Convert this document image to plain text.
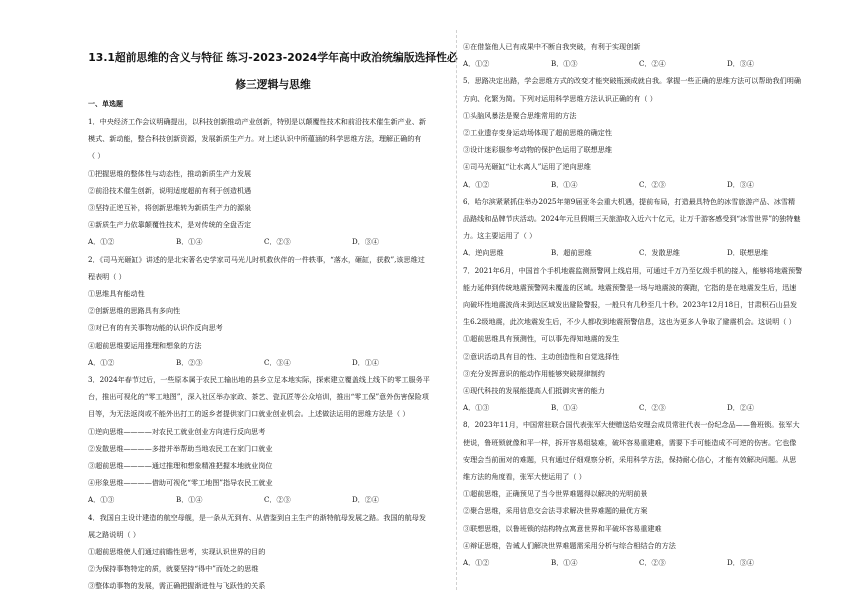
13.1超前思维的含义与特征 练习-2023-2024学年高中政治统编版选择性必
修三逻辑与思维

一、单选题

1．中央经济工作会议明确提出，以科技创新推动产业创新，特别是以颠覆性技术和前沿技术催生新产业、新

模式、新动能，整合科技创新资源，发展新质生产力。对上述认识中所蕴涵的科学思维方法，理解正确的有

（ ）

①把握思维的整体性与动态性，推动新质生产力发展

②前沿技术催生创新，说明适度超前有利于创造机遇

③坚持正逆互补，将创新思维转为新质生产力的源泉

④新质生产力依靠颠覆性技术，是对传统的全盘否定

A．①②	B．①④	C．②③	D．③④

2．《司马光砸缸》讲述的是北宋著名史学家司马光儿时机救伙伴的一件轶事，“落水，砸缸，获救”,该思维过

程表明（ ）

①思维具有能动性

②创新思维的思路具有多向性

③对已有的有关事物功能的认识作反向思考

④超前思维要运用推理和想象的方法

A．①②	B．②③	C．③④	D．①④

3．2024年春节过后，一些原本属于农民工输出地的县乡立足本地实际，探索建立覆盖线上线下的零工服务平

台，推出可视化的“零工地图”，深入社区举办家政、茶艺、瓷瓦匠等公众培训，推出“零工保”意外伤害保险项

目等，为无法返岗或不能外出打工的返乡者提供家门口就业创业机会。上述做法运用的思维方法是（ ）

①逆向思维————对农民工就业创业方向进行反向思考

②发散思维————多措并举帮助当地农民工在家门口就业

③超前思维————通过推理和想象精准把握本地就业岗位

④形象思维————借助可视化“零工地图”指导农民工就业

A．①③	B．①④	C．②③	D．②④

4．我国自主设计建造的航空母舰，是一条从无到有、从借鉴到自主生产的渐特航母发展之路。我国的航母发

展之路说明（ ）

①超前思维使人们通过前瞻性思考，实现认识世界的目的

②为保持事物特定的质，就要坚持“得中”而处之的思维

③整体动事物的发展，需正确把握渐进性与飞跃性的关系

④在借鉴他人已有成果中不断自我突破，有利于实现创新

A．①②	B．①③	C．②④	D．③④

5．思路决定出路，学会思维方式的改变才能突破瓶颈成就自我。掌握一些正确的思维方法可以帮助我们明确

方向、化繁为简。下列对运用科学思维方法认识正确的有（ ）

①头脑风暴法是聚合思维常用的方法

②工业遗存变身运动场体现了超前思维的确定性

③设计迷彩服参考动物的保护色运用了联想思维

④司马光砸缸“让水离人”运用了逆向思维

A．①②	B．①④	C．②③	D．③④

6．哈尔滨紧紧抓住举办2025年第9届亚冬会重大机遇，提前布局，打造最具特色的冰雪旅游产品、冰雪精

品路线和品牌节庆活动。2024年元旦假期三天旅游收入近六十亿元，让万千游客感受到“冰雪世界”的独特魅

力。这主要运用了（ ）

A．逆向思维	B．超前思维	C．发散思维	D．联想思维

7．2021年6月，中国首个手机地震监测预警网上线启用，可通过千万乃至亿级手机的接入，能够将地震预警

能力延伸到传统地震预警网未覆盖的区域。地震预警是一场与地震波的赛跑，它指的是在地震发生后，迅速

向破坏性地震波尚未到达区域发出避险警报，一般只有几秒至几十秒。2023年12月18日，甘肃积石山县发

生6.2级地震，此次地震发生后，不少人都收到地震预警信息，这也为更多人争取了避震机会。这说明（ ）

①超前思维具有预测性，可以事先得知地震的发生

②意识活动具有目的性、主动创造性和自觉选择性

③充分发挥意识的能动作用能够突破规律制约

④现代科技的发展能提高人们抵御灾害的能力

A．①③	B．①④	C．②③	D．②④

8．2023年11月，中国常驻联合国代表张军大使赠送给安理会成员常驻代表一份纪念品——鲁班锁。张军大

使说，鲁班锁就像和平一样，拆开容易组装难，破坏容易重建难，需要下手可能造成不可逆的伤害。它也像

安理会当前面对的难题，只有通过仔细观察分析，采用科学方法，保持耐心信心，才能有效解决问题。从思

维方法的角度看，张军大使运用了（ ）

①超前思维，正确预见了当今世界难题得以解决的光明前景

②聚合思维，采用信息交会法寻求解决世界难题的最优方案

③联想思维，以鲁班锁的结构特点寓意世界和平破坏容易重建难

④辩证思维，告诫人们解决世界难题需采用分析与综合相结合的方法

A．①②	B．①④	C．②③	D．③④
